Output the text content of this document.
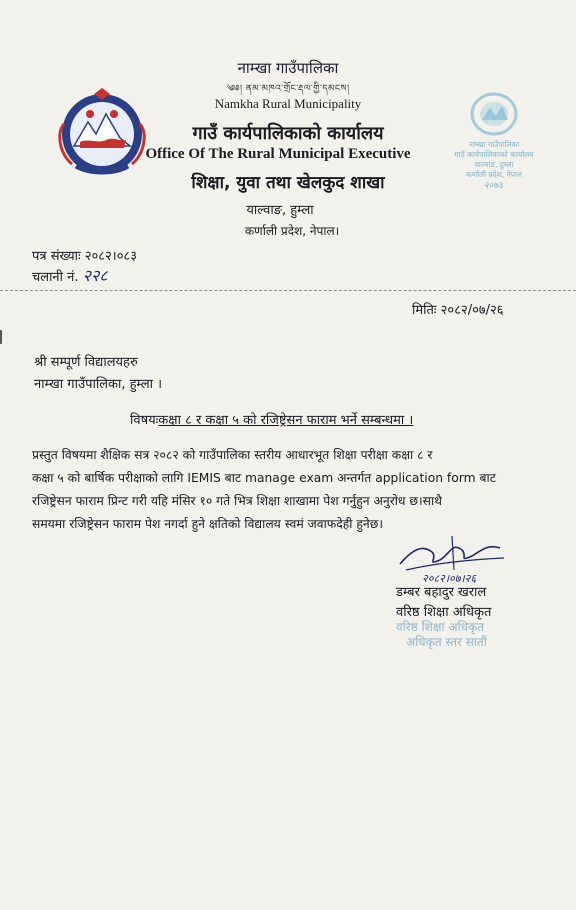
नाम्खा गाउँपालिका
गाउँ कार्यपालिकाको कार्यालय
याल्वाङ, हुम्ला
कर्णाली प्रदेश, नेपाल
२०७३
नाम्खा गाउँपालिका
༄༅། ནམ་མཁའ་གྲོང་རྡལ་གྱི་དམངས།
Namkha Rural Municipality
गाउँ कार्यपालिकाको कार्यालय
Office Of The Rural Municipal Executive
शिक्षा, युवा तथा खेलकुद शाखा
याल्वाङ, हुम्ला
कर्णाली प्रदेश, नेपाल।
पत्र संख्याः २०८२।०८३
चलानी नं. २२८
मितिः २०८२/०७/२६
श्री सम्पूर्ण विद्यालयहरु
नाम्खा गाउँपालिका, हुम्ला ।
विषयःकक्षा ८ र कक्षा ५ को रजिष्ट्रेसन फाराम भर्ने सम्बन्धमा ।
प्रस्तुत विषयमा शैक्षिक सत्र २०८२ को गाउँपालिका स्तरीय आधारभूत शिक्षा परीक्षा कक्षा ८ र
कक्षा ५ को बार्षिक परीक्षाको लागि IEMIS बाट manage exam अन्तर्गत application form बाट
रजिष्ट्रेसन फाराम प्रिन्ट गरी यहि मंसिर १० गते भित्र शिक्षा शाखामा पेश गर्नुहुन अनुरोध छ।साथै
समयमा रजिष्ट्रेसन फाराम पेश नगर्दा हुने क्षतिको विद्यालय स्वमं जवाफदेही हुनेछ।
२०८२।०७।२६
डम्बर बहादुर खराल
वरिष्ठ शिक्षा अधिकृत
वरिष्ठ शिक्षा अधिकृत
अधिकृत स्तर सातौं
